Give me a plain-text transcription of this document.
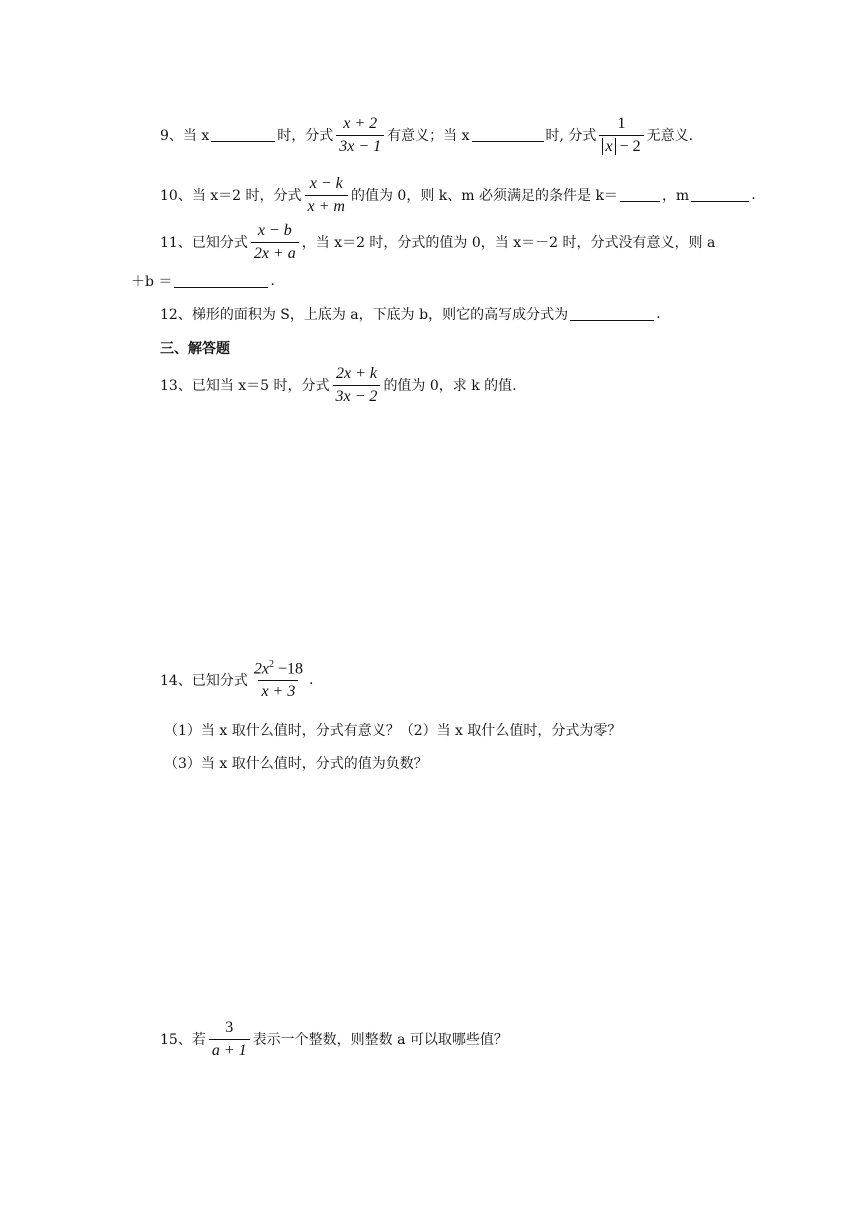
9、当 x	时，分式 $\frac{x + 2}{3x - 1}$ 有意义；当 x	时, 分式 $\frac{1}{x - 2}$ 无意义.
10、当 x＝2 时，分式 $\frac{x - k}{x + m}$ 的值为 0，则 k、m 必须满足的条件是 k＝	，m	.
11、已知分式 $\frac{x - b}{2x + a}$ ，当 x＝2 时，分式的值为 0，当 x＝－2 时，分式没有意义，则 a
＋b ＝	.
12、梯形的面积为 S，上底为 a，下底为 b，则它的高写成分式为	.
三、解答题
13、已知当 x＝5 时，分式 $\frac{2x + k}{3x - 2}$ 的值为 0，求 k 的值.
14、已知分式 $\frac{2x^2 -18}{x + 3}$ .
（1）当 x 取什么值时，分式有意义？（2）当 x 取什么值时，分式为零？
（3）当 x 取什么值时，分式的值为负数？
15、若 $\frac{3}{a + 1}$ 表示一个整数，则整数 a 可以取哪些值？
